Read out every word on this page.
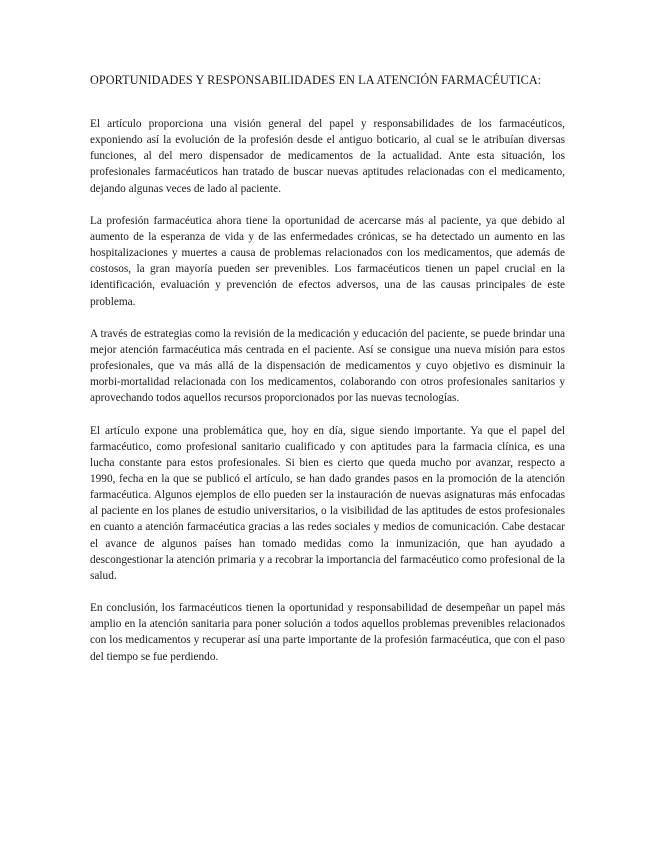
OPORTUNIDADES Y RESPONSABILIDADES EN LA ATENCIÓN FARMACÉUTICA:

El artículo proporciona una visión general del papel y responsabilidades de los farmacéuticos, exponiendo así la evolución de la profesión desde el antiguo boticario, al cual se le atribuían diversas funciones, al del mero dispensador de medicamentos de la actualidad. Ante esta situación, los profesionales farmacéuticos han tratado de buscar nuevas aptitudes relacionadas con el medicamento, dejando algunas veces de lado al paciente.

La profesión farmacéutica ahora tiene la oportunidad de acercarse más al paciente, ya que debido al aumento de la esperanza de vida y de las enfermedades crónicas, se ha detectado un aumento en las hospitalizaciones y muertes a causa de problemas relacionados con los medicamentos, que además de costosos, la gran mayoría pueden ser prevenibles. Los farmacéuticos tienen un papel crucial en la identificación, evaluación y prevención de efectos adversos, una de las causas principales de este problema.

A través de estrategias como la revisión de la medicación y educación del paciente, se puede brindar una mejor atención farmacéutica más centrada en el paciente. Así se consigue una nueva misión para estos profesionales, que va más allá de la dispensación de medicamentos y cuyo objetivo es disminuir la morbi-mortalidad relacionada con los medicamentos, colaborando con otros profesionales sanitarios y aprovechando todos aquellos recursos proporcionados por las nuevas tecnologías.

El artículo expone una problemática que, hoy en día, sigue siendo importante. Ya que el papel del farmacéutico, como profesional sanitario cualificado y con aptitudes para la farmacia clínica, es una lucha constante para estos profesionales. Si bien es cierto que queda mucho por avanzar, respecto a 1990, fecha en la que se publicó el artículo, se han dado grandes pasos en la promoción de la atención farmacéutica. Algunos ejemplos de ello pueden ser la instauración de nuevas asignaturas más enfocadas al paciente en los planes de estudio universitarios, o la visibilidad de las aptitudes de estos profesionales en cuanto a atención farmacéutica gracias a las redes sociales y medios de comunicación. Cabe destacar el avance de algunos países han tomado medidas como la inmunización, que han ayudado a descongestionar la atención primaria y a recobrar la importancia del farmacéutico como profesional de la salud.

En conclusión, los farmacéuticos tienen la oportunidad y responsabilidad de desempeñar un papel más amplio en la atención sanitaria para poner solución a todos aquellos problemas prevenibles relacionados con los medicamentos y recuperar así una parte importante de la profesión farmacéutica, que con el paso del tiempo se fue perdiendo.
